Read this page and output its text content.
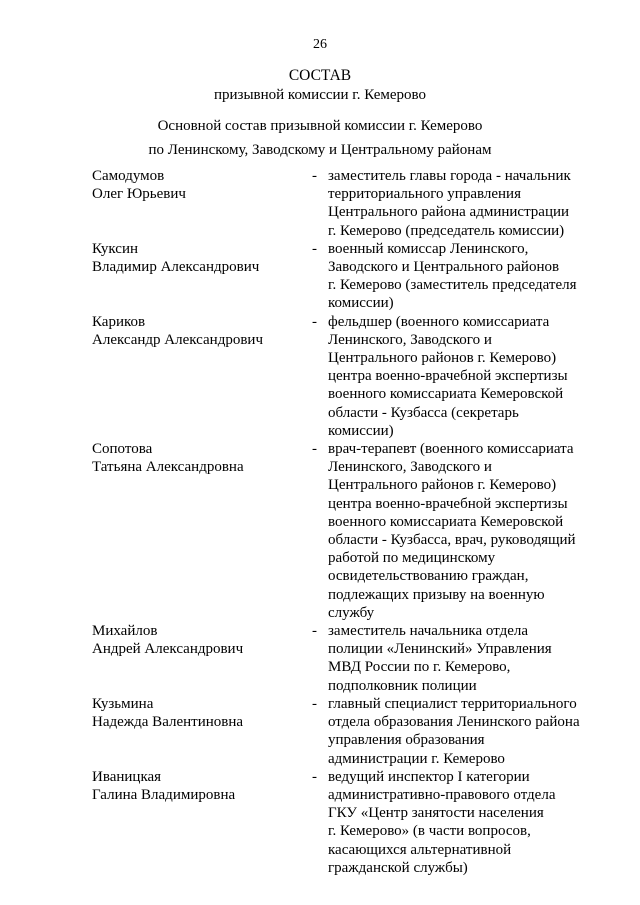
26
СОСТАВ
призывной комиссии г. Кемерово
Основной состав призывной комиссии г. Кемерово
по Ленинскому, Заводскому и Центральному районам
Самодумов
Олег Юрьевич
- заместитель главы города - начальник
территориального управления
Центрального района администрации
г. Кемерово (председатель комиссии)
Куксин
Владимир Александрович
- военный комиссар Ленинского,
Заводского и Центрального районов
г. Кемерово (заместитель председателя
комиссии)
Кариков
Александр Александрович
- фельдшер (военного комиссариата
Ленинского, Заводского и
Центрального районов г. Кемерово)
центра военно-врачебной экспертизы
военного комиссариата Кемеровской
области - Кузбасса (секретарь
комиссии)
Сопотова
Татьяна Александровна
- врач-терапевт (военного комиссариата
Ленинского, Заводского и
Центрального районов г. Кемерово)
центра военно-врачебной экспертизы
военного комиссариата Кемеровской
области - Кузбасса, врач, руководящий
работой по медицинскому
освидетельствованию граждан,
подлежащих призыву на военную
службу
Михайлов
Андрей Александрович
- заместитель начальника отдела
полиции «Ленинский» Управления
МВД России по г. Кемерово,
подполковник полиции
Кузьмина
Надежда Валентиновна
- главный специалист территориального
отдела образования Ленинского района
управления образования
администрации г. Кемерово
Иваницкая
Галина Владимировна
- ведущий инспектор I категории
административно-правового отдела
ГКУ «Центр занятости населения
г. Кемерово» (в части вопросов,
касающихся альтернативной
гражданской службы)
